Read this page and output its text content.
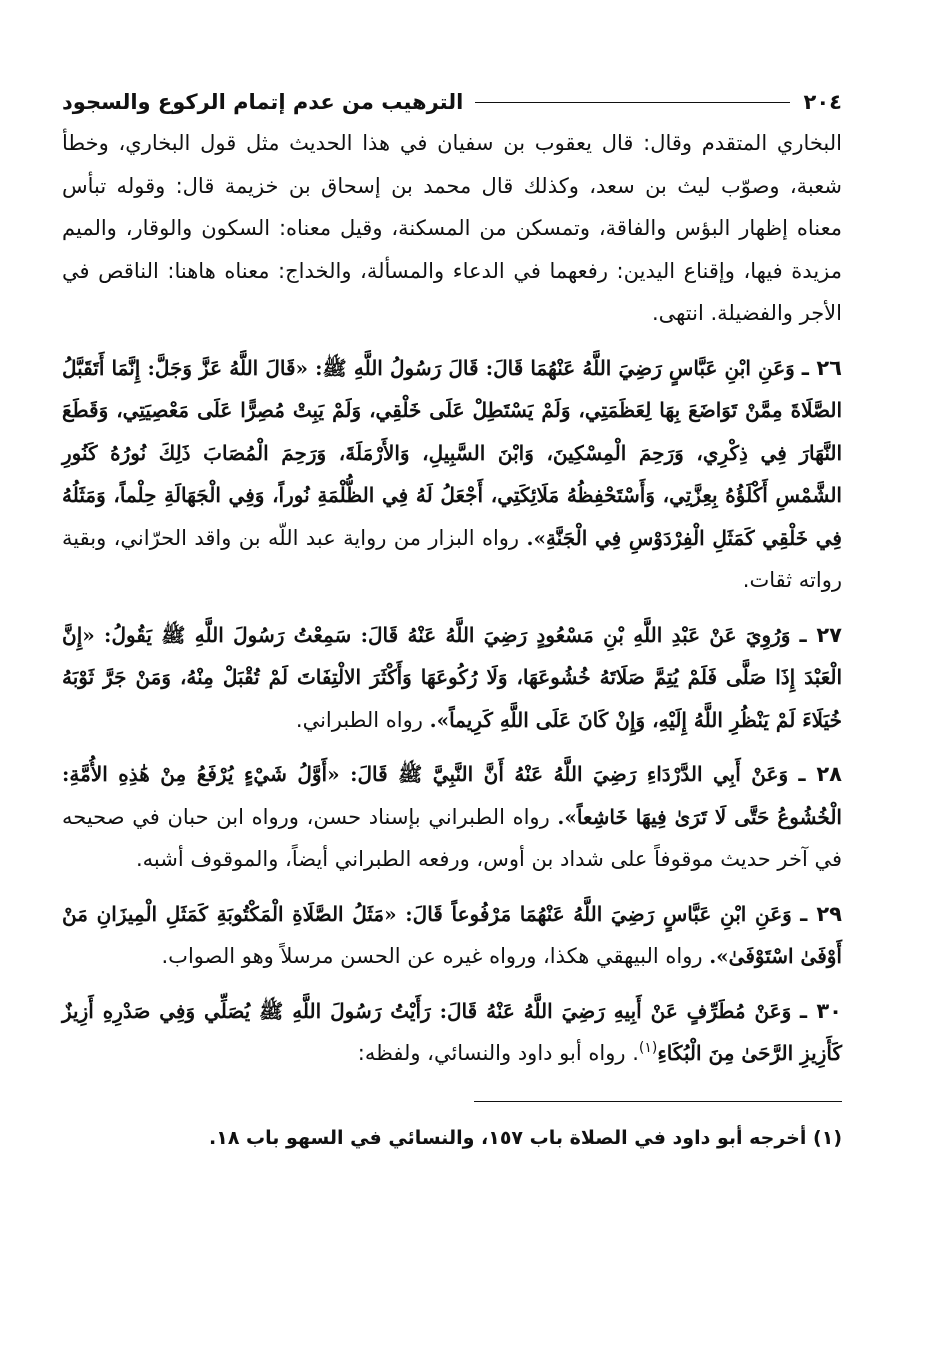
٢٠٤
الترهيب من عدم إتمام الركوع والسجود

البخاري المتقدم وقال: قال يعقوب بن سفيان في هذا الحديث مثل قول البخاري، وخطأ شعبة، وصوّب ليث بن سعد، وكذلك قال محمد بن إسحاق بن خزيمة قال: وقوله تبأس معناه إظهار البؤس والفاقة، وتمسكن من المسكنة، وقيل معناه: السكون والوقار، والميم مزيدة فيها، وإقناع اليدين: رفعهما في الدعاء والمسألة، والخداج: معناه هاهنا: الناقص في الأجر والفضيلة. انتهى.

٢٦ ـ وَعَنِ ابْنِ عَبَّاسٍ رَضِيَ اللَّهُ عَنْهُمَا قَالَ: قَالَ رَسُولُ اللَّهِ ﷺ: «قَالَ اللَّهُ عَزَّ وَجَلَّ: إِنَّمَا أَتَقَبَّلُ الصَّلَاةَ مِمَّنْ تَوَاضَعَ بِهَا لِعَظَمَتِي، وَلَمْ يَسْتَطِلْ عَلَى خَلْقِي، وَلَمْ يَبِتْ مُصِرًّا عَلَى مَعْصِيَتِي، وَقَطَعَ النَّهَارَ فِي ذِكْرِي، وَرَحِمَ الْمِسْكِينَ، وَابْنَ السَّبِيلِ، وَالأَرْمَلَةَ، وَرَحِمَ الْمُصَابَ ذَلِكَ نُورُهُ كَنُورِ الشَّمْسِ أَكْلَؤُهُ بِعِزَّتِي، وَأَسْتَحْفِظُهُ مَلَائِكَتِي، أَجْعَلُ لَهُ فِي الظُّلْمَةِ نُوراً، وَفِي الْجَهَالَةِ حِلْماً، وَمَثَلُهُ فِي خَلْقِي كَمَثَلِ الْفِرْدَوْسِ فِي الْجَنَّةِ». رواه البزار من رواية عبد اللّه بن واقد الحرّاني، وبقية رواته ثقات.

٢٧ ـ وَرُوِيَ عَنْ عَبْدِ اللَّهِ بْنِ مَسْعُودٍ رَضِيَ اللَّهُ عَنْهُ قَالَ: سَمِعْتُ رَسُولَ اللَّهِ ﷺ يَقُولُ: «إِنَّ الْعَبْدَ إِذَا صَلَّى فَلَمْ يُتِمَّ صَلَاتَهُ خُشُوعَهَا، وَلَا رُكُوعَهَا وَأَكْثَرَ الالْتِفَاتَ لَمْ تُقْبَلْ مِنْهُ، وَمَنْ جَرَّ ثَوْبَهُ خُيَلَاءَ لَمْ يَنْظُرِ اللَّهُ إِلَيْهِ، وَإِنْ كَانَ عَلَى اللَّهِ كَرِيماً». رواه الطبراني.

٢٨ ـ وَعَنْ أَبِي الدَّرْدَاءِ رَضِيَ اللَّهُ عَنْهُ أَنَّ النَّبِيَّ ﷺ قَالَ: «أَوَّلُ شَيْءٍ يُرْفَعُ مِنْ هَٰذِهِ الأُمَّةِ: الْخُشُوعُ حَتَّى لَا تَرَىٰ فِيهَا خَاشِعاً». رواه الطبراني بإسناد حسن، ورواه ابن حبان في صحيحه في آخر حديث موقوفاً على شداد بن أوس، ورفعه الطبراني أيضاً، والموقوف أشبه.

٢٩ ـ وَعَنِ ابْنِ عَبَّاسٍ رَضِيَ اللَّهُ عَنْهُمَا مَرْفُوعاً قَالَ: «مَثَلُ الصَّلَاةِ الْمَكْتُوبَةِ كَمَثَلِ الْمِيزَانِ مَنْ أَوْفَىٰ اسْتَوْفَىٰ». رواه البيهقي هكذا، ورواه غيره عن الحسن مرسلاً وهو الصواب.

٣٠ ـ وَعَنْ مُطَرِّفٍ عَنْ أَبِيهِ رَضِيَ اللَّهُ عَنْهُ قَالَ: رَأَيْتُ رَسُولَ اللَّهِ ﷺ يُصَلِّي وَفِي صَدْرِهِ أَزِيزٌ كَأَزِيزِ الرَّحَىٰ مِنَ الْبُكَاءِ$^{(١)}$. رواه أبو داود والنسائي، ولفظه:

(١) أخرجه أبو داود في الصلاة باب ١٥٧، والنسائي في السهو باب ١٨.
